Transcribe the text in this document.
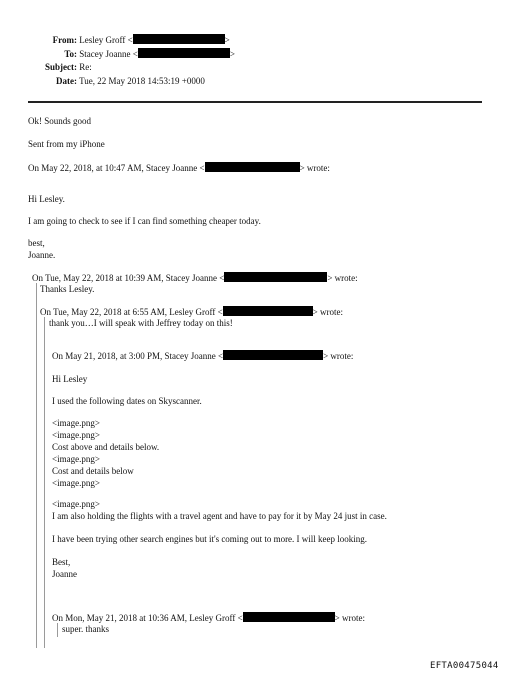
From: Lesley Groff <	>
To: Stacey Joanne <	>
Subject: Re:
Date: Tue, 22 May 2018 14:53:19 +0000
Ok! Sounds good
Sent from my iPhone
On May 22, 2018, at 10:47 AM, Stacey Joanne <	> wrote:
Hi Lesley.
I am going to check to see if I can find something cheaper today.
best,
Joanne.
On Tue, May 22, 2018 at 10:39 AM, Stacey Joanne <	> wrote:
Thanks Lesley.
On Tue, May 22, 2018 at 6:55 AM, Lesley Groff <	> wrote:
thank you…I will speak with Jeffrey today on this!
On May 21, 2018, at 3:00 PM, Stacey Joanne <	> wrote:
Hi Lesley
I used the following dates on Skyscanner.
<image.png>
<image.png>
Cost above and details below.
<image.png>
Cost and details below
<image.png>
<image.png>
I am also holding the flights with a travel agent and have to pay for it by May 24 just in case.
I have been trying other search engines but it's coming out to more. I will keep looking.
Best,
Joanne
On Mon, May 21, 2018 at 10:36 AM, Lesley Groff <	> wrote:
super. thanks
EFTA00475044
